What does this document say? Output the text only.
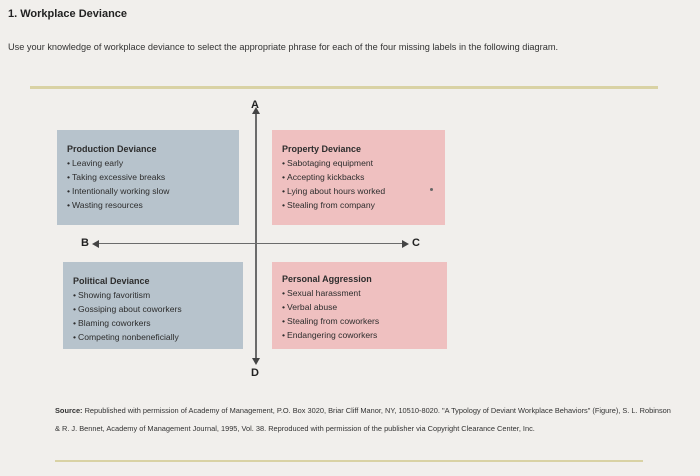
1. Workplace Deviance
Use your knowledge of workplace deviance to select the appropriate phrase for each of the four missing labels in the following diagram.
Production Deviance
• Leaving early
• Taking excessive breaks
• Intentionally working slow
• Wasting resources
Property Deviance
• Sabotaging equipment
• Accepting kickbacks
• Lying about hours worked
• Stealing from company
Political Deviance
• Showing favoritism
• Gossiping about coworkers
• Blaming coworkers
• Competing nonbeneficially
Personal Aggression
• Sexual harassment
• Verbal abuse
• Stealing from coworkers
• Endangering coworkers
A
B	C
D
Source: Republished with permission of Academy of Management, P.O. Box 3020, Briar Cliff Manor, NY, 10510-8020. "A Typology of Deviant Workplace Behaviors" (Figure), S. L. Robinson & R. J. Bennet, Academy of Management Journal, 1995, Vol. 38. Reproduced with permission of the publisher via Copyright Clearance Center, Inc.
